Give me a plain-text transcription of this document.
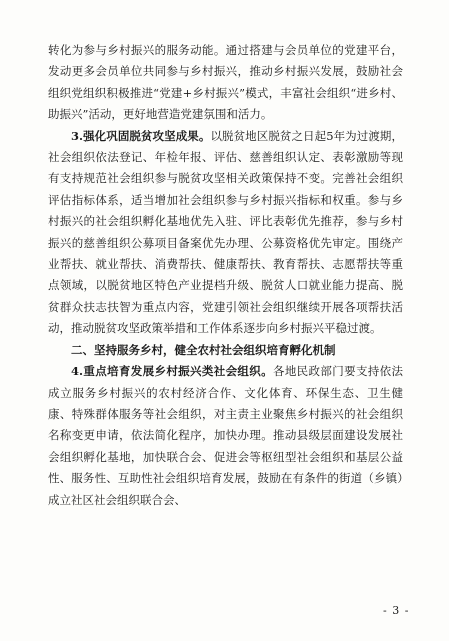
转化为参与乡村振兴的服务动能。通过搭建与会员单位的党建平台，发动更多会员单位共同参与乡村振兴，推动乡村振兴发展，鼓励社会组织党组织积极推进“党建+乡村振兴”模式，丰富社会组织“进乡村、助振兴”活动，更好地营造党建氛围和活力。

3.强化巩固脱贫攻坚成果。以脱贫地区脱贫之日起5年为过渡期，社会组织依法登记、年检年报、评估、慈善组织认定、表彰激励等现有支持规范社会组织参与脱贫攻坚相关政策保持不变。完善社会组织评估指标体系，适当增加社会组织参与乡村振兴指标和权重。参与乡村振兴的社会组织孵化基地优先入驻、评比表彰优先推荐，参与乡村振兴的慈善组织公募项目备案优先办理、公募资格优先审定。围绕产业帮扶、就业帮扶、消费帮扶、健康帮扶、教育帮扶、志愿帮扶等重点领域，以脱贫地区特色产业提档升级、脱贫人口就业能力提高、脱贫群众扶志扶智为重点内容，党建引领社会组织继续开展各项帮扶活动，推动脱贫攻坚政策举措和工作体系逐步向乡村振兴平稳过渡。

二、坚持服务乡村，健全农村社会组织培育孵化机制

4.重点培育发展乡村振兴类社会组织。各地民政部门要支持依法成立服务乡村振兴的农村经济合作、文化体育、环保生态、卫生健康、特殊群体服务等社会组织，对主责主业聚焦乡村振兴的社会组织名称变更申请，依法简化程序，加快办理。推动县级层面建设发展社会组织孵化基地，加快联合会、促进会等枢纽型社会组织和基层公益性、服务性、互助性社会组织培育发展，鼓励在有条件的街道（乡镇）成立社区社会组织联合会、

- 3 -
